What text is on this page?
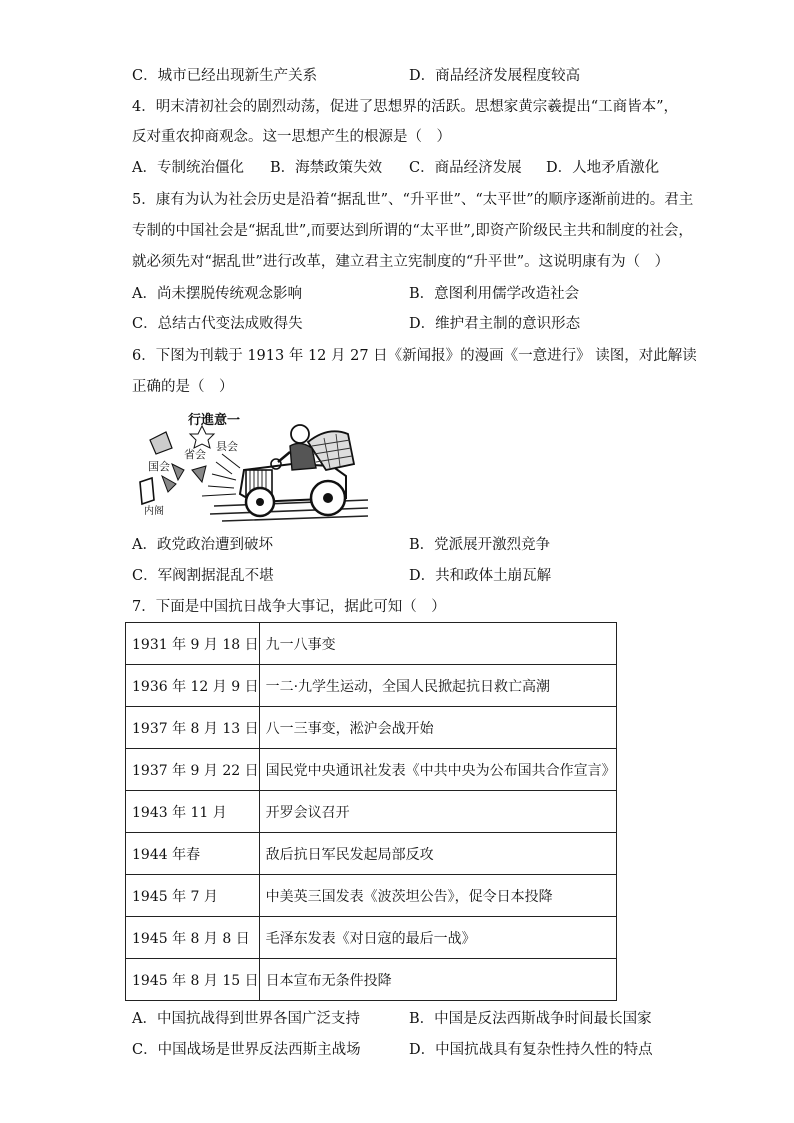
C．城市已经出现新生产关系	D．商品经济发展程度较高
4．明末清初社会的剧烈动荡，促进了思想界的活跃。思想家黄宗羲提出“工商皆本”，
反对重农抑商观念。这一思想产生的根源是（　）
A．专制统治僵化 B．海禁政策失效 C．商品经济发展 D．人地矛盾激化
5．康有为认为社会历史是沿着“据乱世”、“升平世”、“太平世”的顺序逐渐前进的。君主
专制的中国社会是“据乱世”,而要达到所谓的“太平世”,即资产阶级民主共和制度的社会，
就必须先对“据乱世”进行改革，建立君主立宪制度的“升平世”。这说明康有为（　）
A．尚未摆脱传统观念影响	B．意图利用儒学改造社会
C．总结古代变法成败得失	D．维护君主制的意识形态
6．下图为刊载于 1913 年 12 月 27 日《新闻报》的漫画《一意进行》 读图，对此解读
正确的是（　）
行進意一
省会
县会
国会
内阁
A．政党政治遭到破坏	B．党派展开激烈竞争
C．军阀割据混乱不堪	D．共和政体土崩瓦解
7．下面是中国抗日战争大事记，据此可知（　）
1931 年 9 月 18 日	九一八事变
1936 年 12 月 9 日	一二·九学生运动，全国人民掀起抗日救亡高潮
1937 年 8 月 13 日	八一三事变，淞沪会战开始
1937 年 9 月 22 日	国民党中央通讯社发表《中共中央为公布国共合作宣言》
1943 年 11 月	开罗会议召开
1944 年春	敌后抗日军民发起局部反攻
1945 年 7 月	中美英三国发表《波茨坦公告》，促令日本投降
1945 年 8 月 8 日	毛泽东发表《对日寇的最后一战》
1945 年 8 月 15 日	日本宣布无条件投降
A．中国抗战得到世界各国广泛支持	B．中国是反法西斯战争时间最长国家
C．中国战场是世界反法西斯主战场	D．中国抗战具有复杂性持久性的特点
